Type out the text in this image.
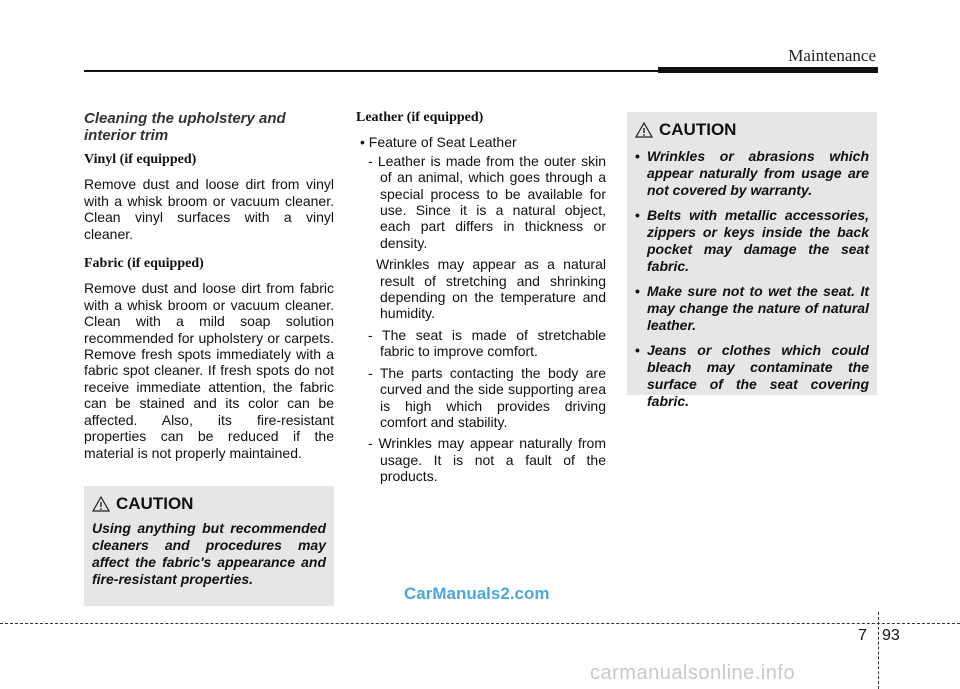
Maintenance
Cleaning the upholstery and interior trim
Vinyl (if equipped)
Remove dust and loose dirt from vinyl with a whisk broom or vacuum cleaner. Clean vinyl surfaces with a vinyl cleaner.
Fabric (if equipped)
Remove dust and loose dirt from fabric with a whisk broom or vacuum cleaner. Clean with a mild soap solution recommended for upholstery or carpets. Remove fresh spots immediately with a fabric spot cleaner. If fresh spots do not receive immediate attention, the fabric can be stained and its color can be affected. Also, its fire-resistant properties can be reduced if the material is not properly maintained.
CAUTION
Using anything but recommended cleaners and procedures may affect the fabric's appearance and fire-resistant properties.
Leather (if equipped)
• Feature of Seat Leather
- Leather is made from the outer skin of an animal, which goes through a special process to be available for use. Since it is a natural object, each part differs in thickness or density.
Wrinkles may appear as a natural result of stretching and shrinking depending on the temperature and humidity.
- The seat is made of stretchable fabric to improve comfort.
- The parts contacting the body are curved and the side supporting area is high which provides driving comfort and stability.
- Wrinkles may appear naturally from usage. It is not a fault of the products.
CAUTION
• Wrinkles or abrasions which appear naturally from usage are not covered by warranty.
• Belts with metallic accessories, zippers or keys inside the back pocket may damage the seat fabric.
• Make sure not to wet the seat. It may change the nature of natural leather.
• Jeans or clothes which could bleach may contaminate the surface of the seat covering fabric.
CarManuals2.com
7 93
carmanualsonline.info
